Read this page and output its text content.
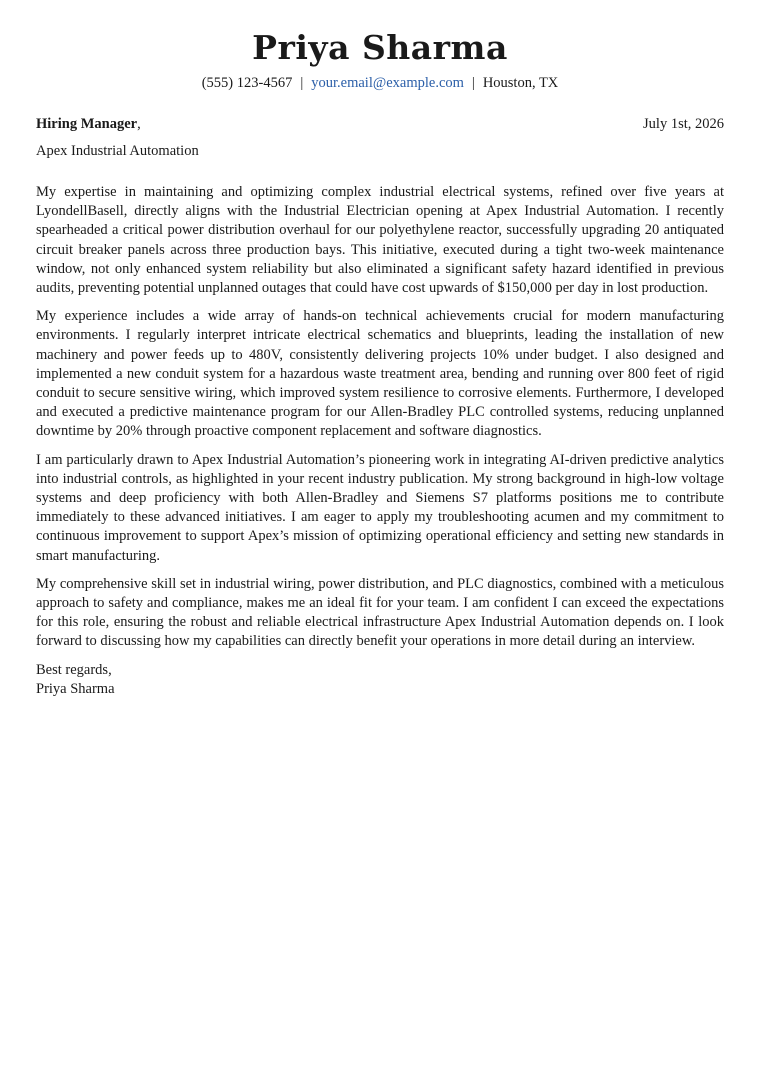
Priya Sharma
(555) 123-4567 | your.email@example.com | Houston, TX
Hiring Manager,	July 1st, 2026
Apex Industrial Automation

My expertise in maintaining and optimizing complex industrial electrical systems, refined over five years at LyondellBasell, directly aligns with the Industrial Electrician opening at Apex Industrial Automation. I recently spearheaded a critical power distribution overhaul for our polyethylene reactor, successfully upgrading 20 antiquated circuit breaker panels across three production bays. This initiative, executed during a tight two-week maintenance window, not only enhanced system reliability but also eliminated a significant safety hazard identified in previous audits, preventing potential unplanned outages that could have cost upwards of $150,000 per day in lost production.

My experience includes a wide array of hands-on technical achievements crucial for modern manufacturing environments. I regularly interpret intricate electrical schematics and blueprints, leading the installation of new machinery and power feeds up to 480V, consistently delivering projects 10% under budget. I also designed and implemented a new conduit system for a hazardous waste treatment area, bending and running over 800 feet of rigid conduit to secure sensitive wiring, which improved system resilience to corrosive elements. Furthermore, I developed and executed a predictive maintenance program for our Allen-Bradley PLC controlled systems, reducing unplanned downtime by 20% through proactive component replacement and software diagnostics.

I am particularly drawn to Apex Industrial Automation’s pioneering work in integrating AI-driven predictive analytics into industrial controls, as highlighted in your recent industry publication. My strong background in high-low voltage systems and deep proficiency with both Allen-Bradley and Siemens S7 platforms positions me to contribute immediately to these advanced initiatives. I am eager to apply my troubleshooting acumen and my commitment to continuous improvement to support Apex’s mission of optimizing operational efficiency and setting new standards in smart manufacturing.

My comprehensive skill set in industrial wiring, power distribution, and PLC diagnostics, combined with a meticulous approach to safety and compliance, makes me an ideal fit for your team. I am confident I can exceed the expectations for this role, ensuring the robust and reliable electrical infrastructure Apex Industrial Automation depends on. I look forward to discussing how my capabilities can directly benefit your operations in more detail during an interview.

Best regards,
Priya Sharma
